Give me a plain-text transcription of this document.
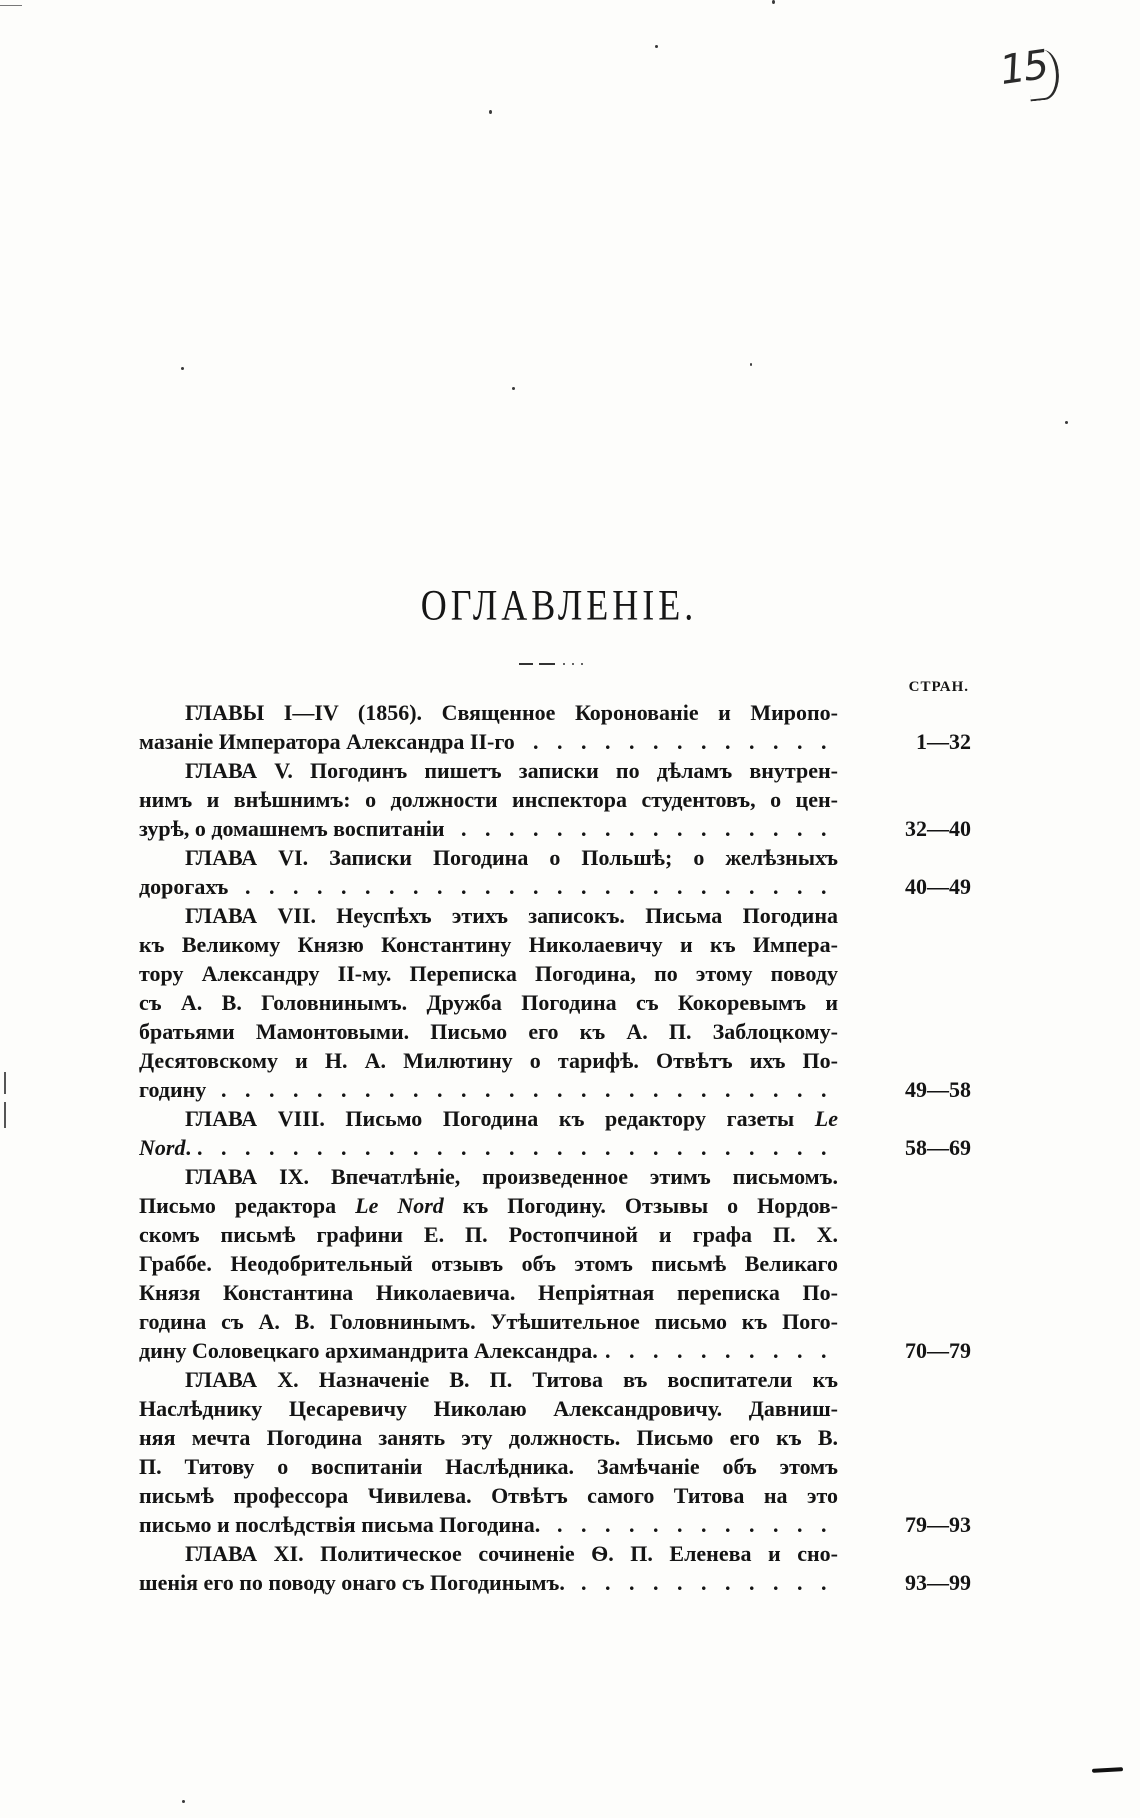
15
ОГЛАВЛЕНІЕ.
СТРАН.
ГЛАВЫ I—IV (1856). Священное Коронованіе и Миропо-
мазаніе Императора Александра II-го . . .	1—32
ГЛАВА V. Погодинъ пишетъ записки по дѣламъ внутрен-
нимъ и внѣшнимъ: о должности инспектора студентовъ, о цен-
зурѣ, о домашнемъ воспитаніи . . .	32—40
ГЛАВА VI. Записки Погодина о Польшѣ; о желѣзныхъ
дорогахъ . . .	40—49
ГЛАВА VII. Неуспѣхъ этихъ записокъ. Письма Погодина
къ Великому Князю Константину Николаевичу и къ Импера-
тору Александру II-му. Переписка Погодина, по этому поводу
съ А. В. Головнинымъ. Дружба Погодина съ Кокоревымъ и
братьями Мамонтовыми. Письмо его къ А. П. Заблоцкому-
Десятовскому и Н. А. Милютину о тарифѣ. Отвѣтъ ихъ По-
годину . . .	49—58
ГЛАВА VIII. Письмо Погодина къ редактору газеты Le
Nord . . . .	58—69
ГЛАВА IX. Впечатлѣніе, произведенное этимъ письмомъ.
Письмо редактора Le Nord къ Погодину. Отзывы о Нордов-
скомъ письмѣ графини Е. П. Ростопчиной и графа П. Х.
Граббе. Неодобрительный отзывъ объ этомъ письмѣ Великаго
Князя Константина Николаевича. Непріятная переписка По-
година съ А. В. Головнинымъ. Утѣшительное письмо къ Пого-
дину Соловецкаго архимандрита Александра. . . .	70—79
ГЛАВА X. Назначеніе В. П. Титова въ воспитатели къ
Наслѣднику Цесаревичу Николаю Александровичу. Давниш-
няя мечта Погодина занять эту должность. Письмо его къ В.
П. Титову о воспитаніи Наслѣдника. Замѣчаніе объ этомъ
письмѣ профессора Чивилева. Отвѣтъ самого Титова на это
письмо и послѣдствія письма Погодина. . . .	79—93
ГЛАВА XI. Политическое сочиненіе Ѳ. П. Еленева и сно-
шенія его по поводу онаго съ Погодинымъ. . . .	93—99
